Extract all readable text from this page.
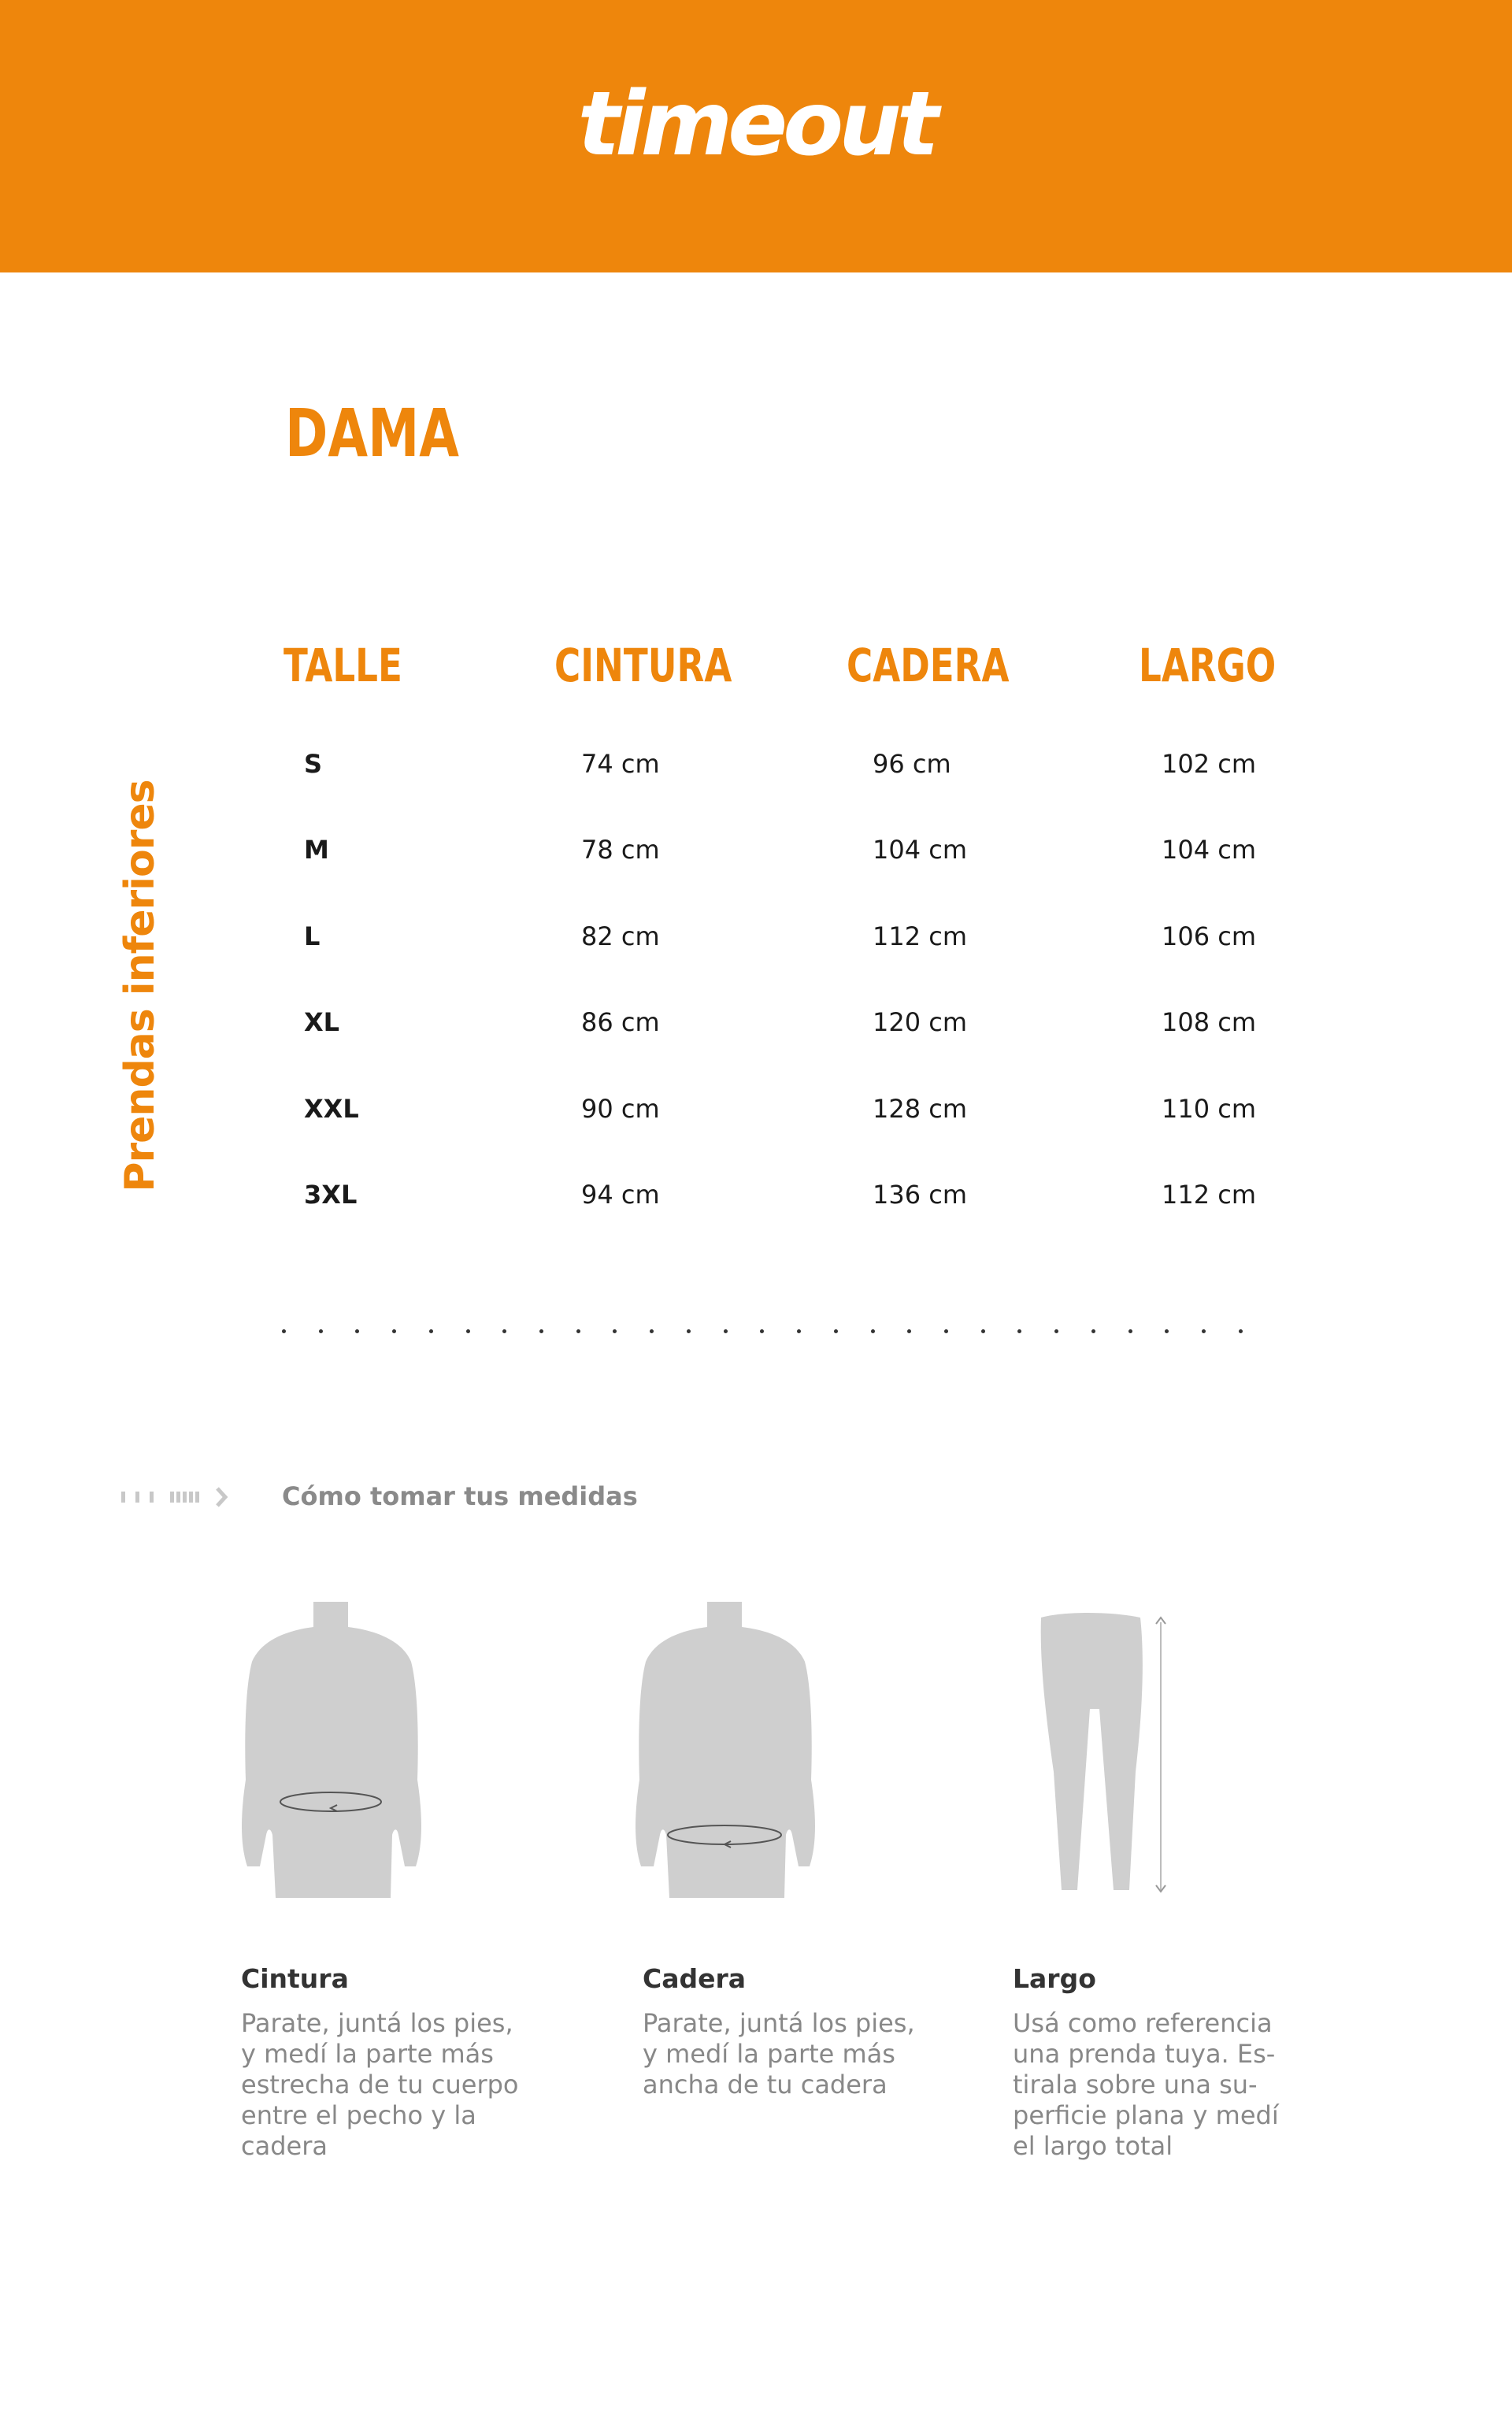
timeout
DAMA
Prendas inferiores
TALLE	CINTURA	CADERA	LARGO
S	74 cm	96 cm	102 cm
M	78 cm	104 cm	104 cm
L	82 cm	112 cm	106 cm
XL	86 cm	120 cm	108 cm
XXL	90 cm	128 cm	110 cm
3XL	94 cm	136 cm	112 cm
Cómo tomar tus medidas
Cintura
Parate, juntá los pies,
y medí la parte más
estrecha de tu cuerpo
entre el pecho y la
cadera
Cadera
Parate, juntá los pies,
y medí la parte más
ancha de tu cadera
Largo
Usá como referencia
una prenda tuya. Es-
tirala sobre una su-
perficie plana y medí
el largo total
